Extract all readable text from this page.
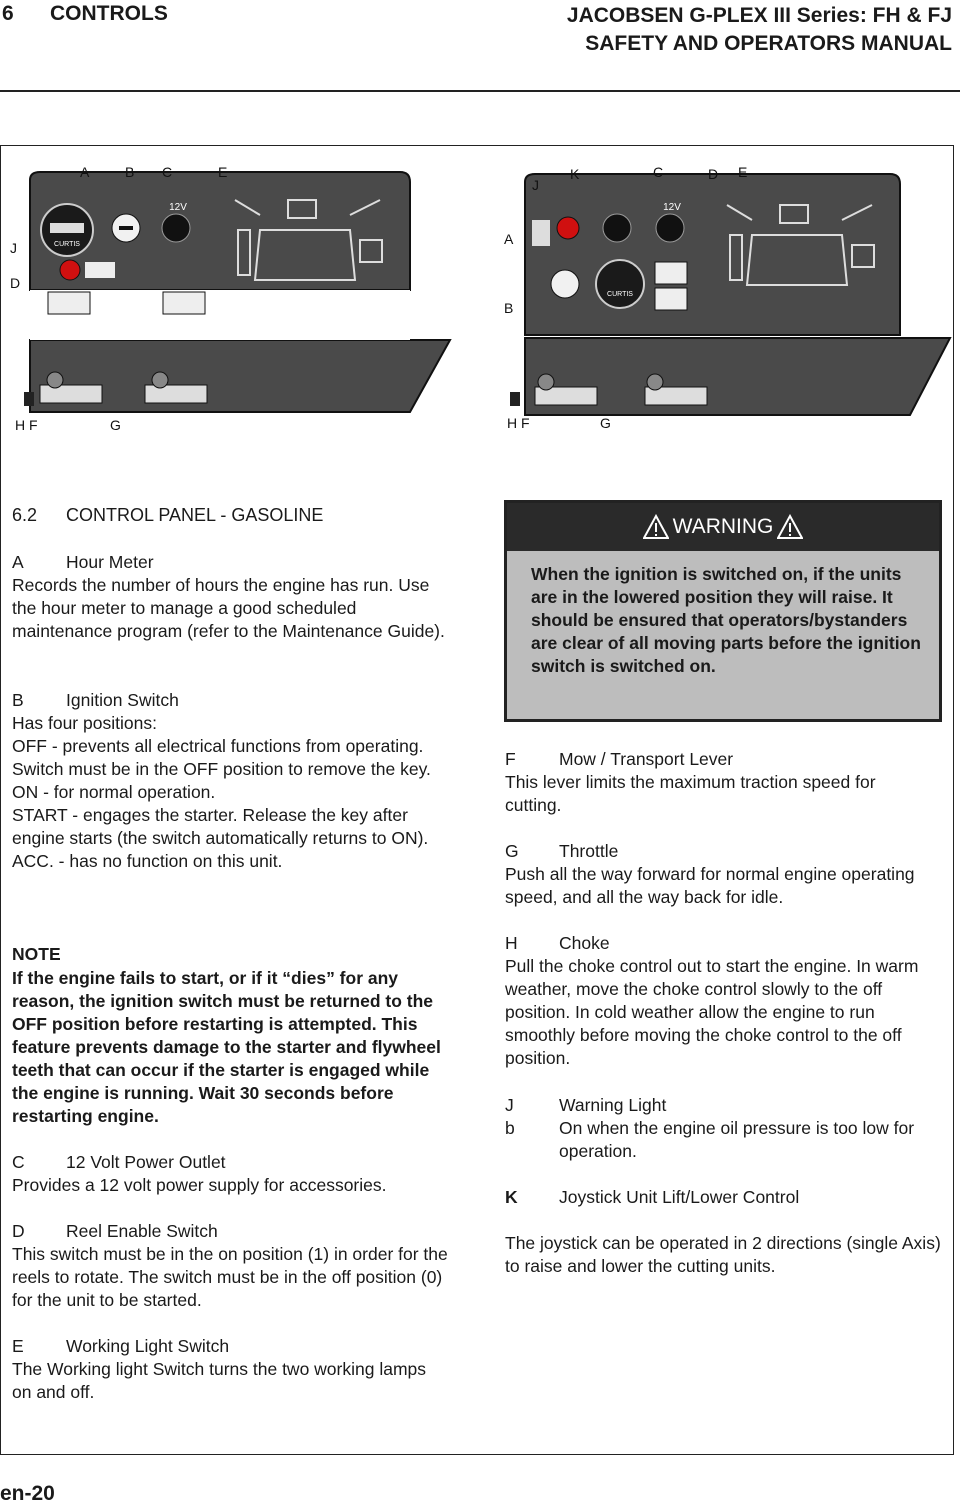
6 CONTROLS	JACOBSEN G-PLEX III Series: FH & FJ
SAFETY AND OPERATORS MANUAL
CURTIS
12V
A	B C	E
J
D
H F	G
12V
CURTIS
J
K	C	D E
A
B
H F	G
6.2 CONTROL PANEL - GASOLINE
A Hour Meter
Records the number of hours the engine has run. Use the hour meter to manage a good scheduled maintenance program (refer to the Maintenance Guide).
B Ignition Switch
Has four positions:
OFF - prevents all electrical functions from operating. Switch must be in the OFF position to remove the key.
ON - for normal operation.
START - engages the starter. Release the key after engine starts (the switch automatically returns to ON).
ACC. - has no function on this unit.
NOTE
If the engine fails to start, or if it “dies” for any reason, the ignition switch must be returned to the OFF position before restarting is attempted. This feature prevents damage to the starter and flywheel teeth that can occur if the starter is engaged while the engine is running. Wait 30 seconds before restarting engine.
C 12 Volt Power Outlet
Provides a 12 volt power supply for accessories.
D Reel Enable Switch
This switch must be in the on position (1) in order for the reels to rotate. The switch must be in the off position (0) for the unit to be started.
E Working Light Switch
The Working light Switch turns the two working lamps on and off.
WARNING
When the ignition is switched on, if the units are in the lowered position they will raise. It should be ensured that operators/bystanders are clear of all moving parts before the ignition switch is switched on.
F Mow / Transport Lever
This lever limits the maximum traction speed for cutting.
G Throttle
Push all the way forward for normal engine operating speed, and all the way back for idle.
H Choke
Pull the choke control out to start the engine. In warm weather, move the choke control slowly to the off position. In cold weather allow the engine to run smoothly before moving the choke control to the off position.
J	Warning Light
b	On when the engine oil pressure is too low for operation.
K Joystick Unit Lift/Lower Control
The joystick can be operated in 2 directions (single Axis) to raise and lower the cutting units.
en-20
